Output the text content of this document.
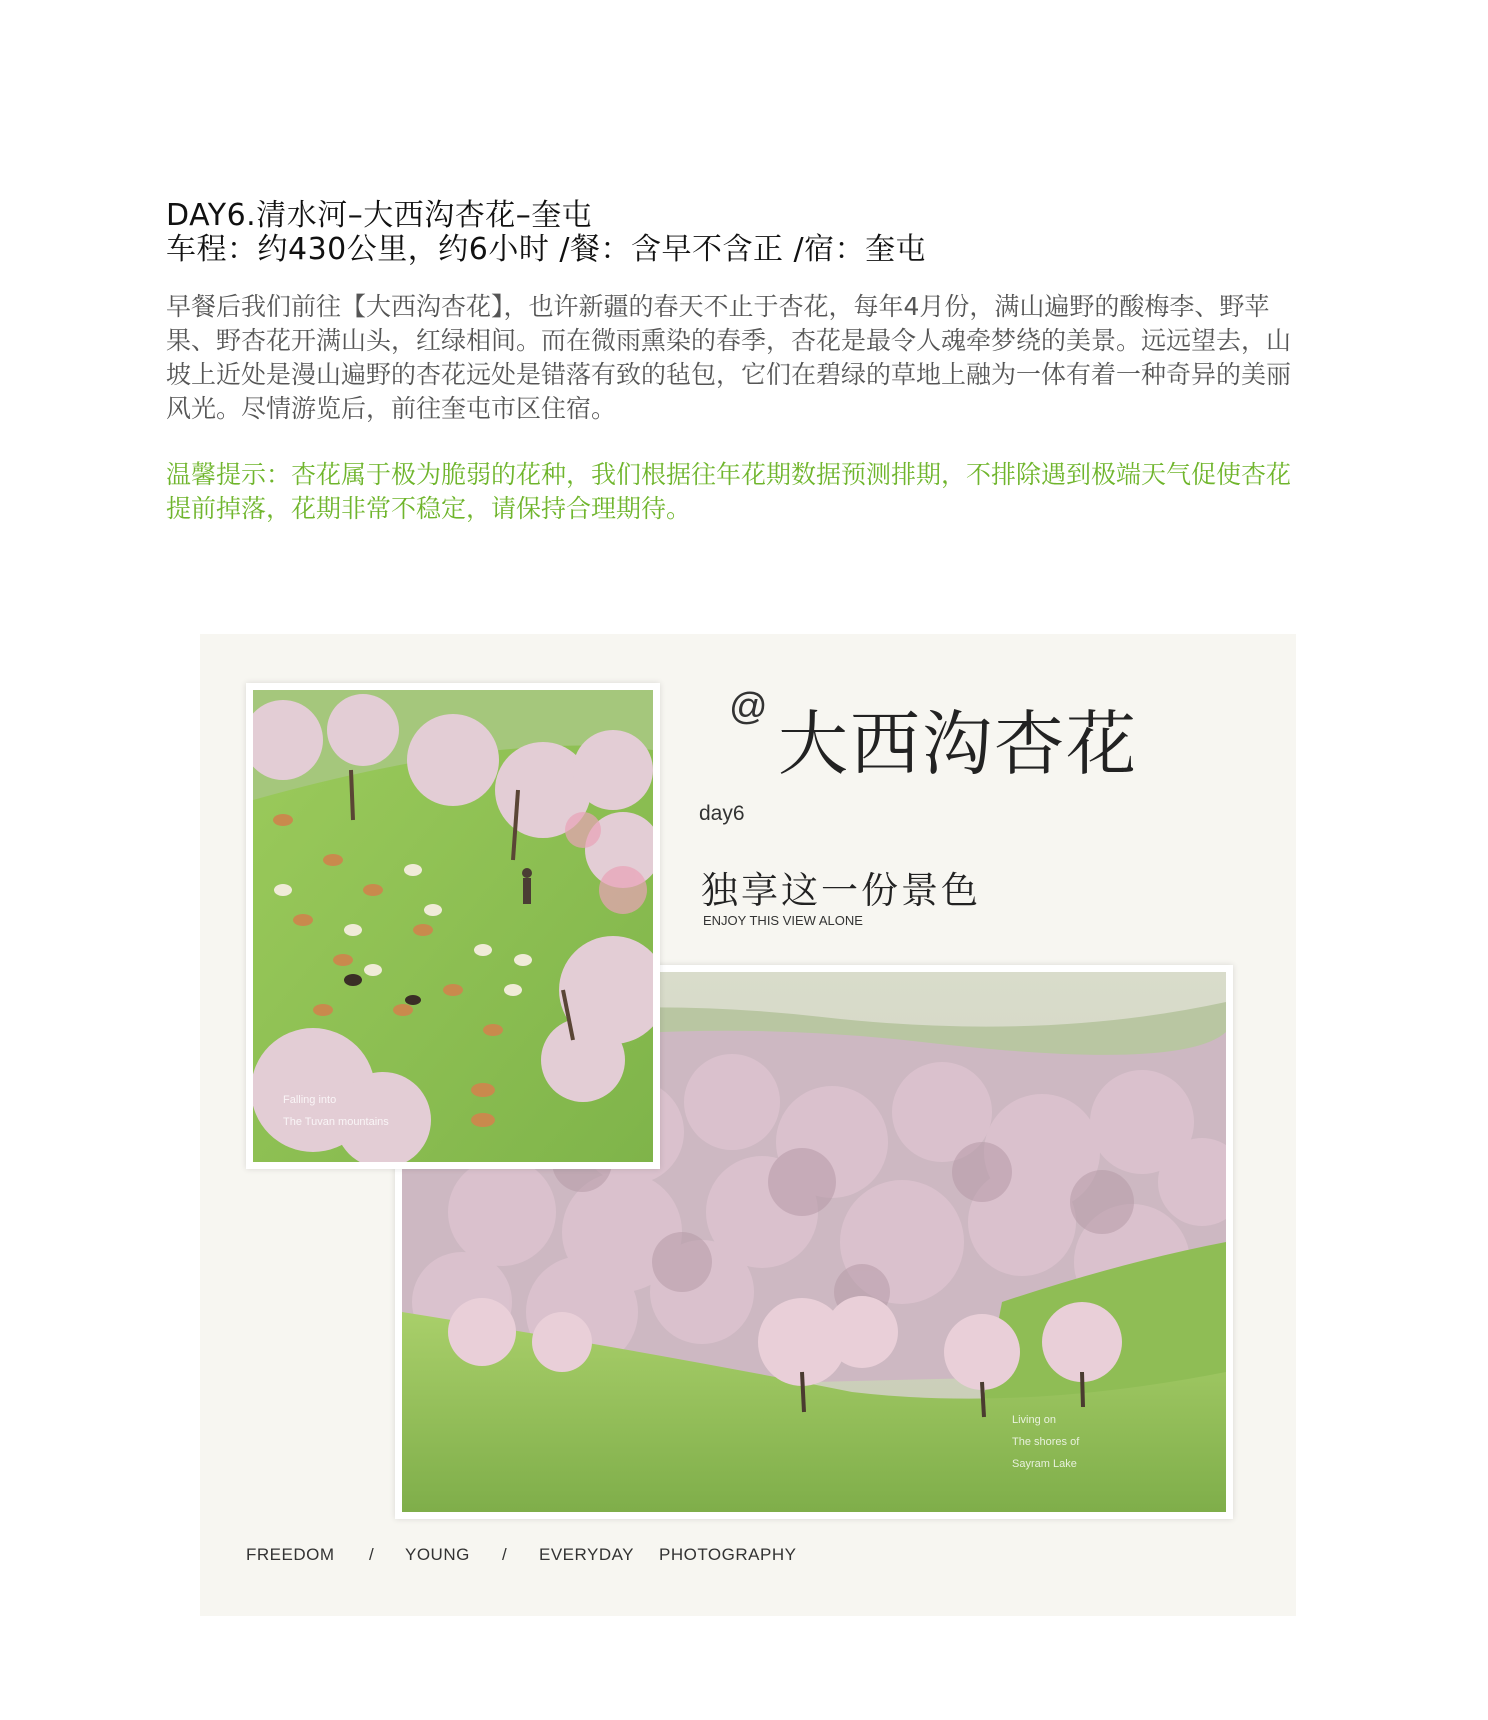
DAY6.清水河–大西沟杏花–奎屯
车程：约430公里，约6小时 /餐：含早不含正 /宿：奎屯

早餐后我们前往【大西沟杏花】，也许新疆的春天不止于杏花，每年4月份，满山遍野的酸梅李、野苹果、野杏花开满山头，红绿相间。而在微雨熏染的春季，杏花是最令人魂牵梦绕的美景。远远望去，山坡上近处是漫山遍野的杏花远处是错落有致的毡包，它们在碧绿的草地上融为一体有着一种奇异的美丽风光。尽情游览后，前往奎屯市区住宿。

温馨提示：杏花属于极为脆弱的花种，我们根据往年花期数据预测排期，不排除遇到极端天气促使杏花提前掉落，花期非常不稳定，请保持合理期待。

Living on
The shores of
Sayram Lake
Falling into
The Tuvan mountains
@ 大西沟杏花
day6
独享这一份景色
ENJOY THIS VIEW ALONE
FREEDOM / YOUNG / EVERYDAY PHOTOGRAPHY
